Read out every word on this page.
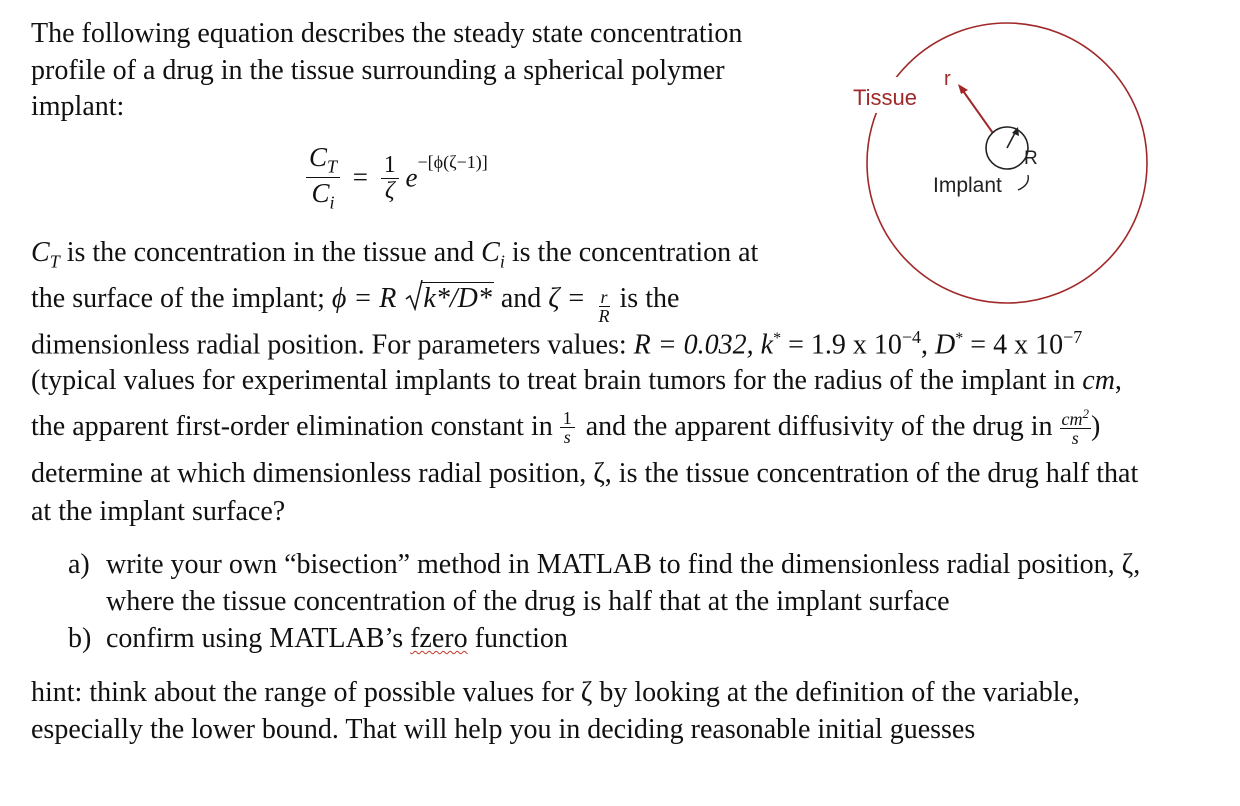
The following equation describes the steady state concentration
profile of a drug in the tissue surrounding a spherical polymer
implant:
$\frac{C_T}{C_i} = \frac{1}{\zeta} e^{-[\phi(\zeta-1)]}$
$C_T$ is the concentration in the tissue and $C_i$ is the concentration at
the surface of the implant; ϕ = R k*/D* and $\zeta = \frac{r}{R}$ is the
dimensionless radial position. For parameters values: R = 0.032, k* = 1.9 x $10^{-4}$, D* = 4 x $10^{-7}$
(typical values for experimental implants to treat brain tumors for the radius of the implant in cm,
the apparent first-order elimination constant in $\frac{1}{s}$ and the apparent diffusivity of the drug in $\frac{cm^2}{s}$ )
determine at which dimensionless radial position, ζ, is the tissue concentration of the drug half that
at the implant surface?
a) write your own “bisection” method in MATLAB to find the dimensionless radial position, ζ,
where the tissue concentration of the drug is half that at the implant surface
b) confirm using MATLAB’s fzero function
hint: think about the range of possible values for ζ by looking at the definition of the variable,
especially the lower bound. That will help you in deciding reasonable initial guesses
Tissue
r
R
Implant
